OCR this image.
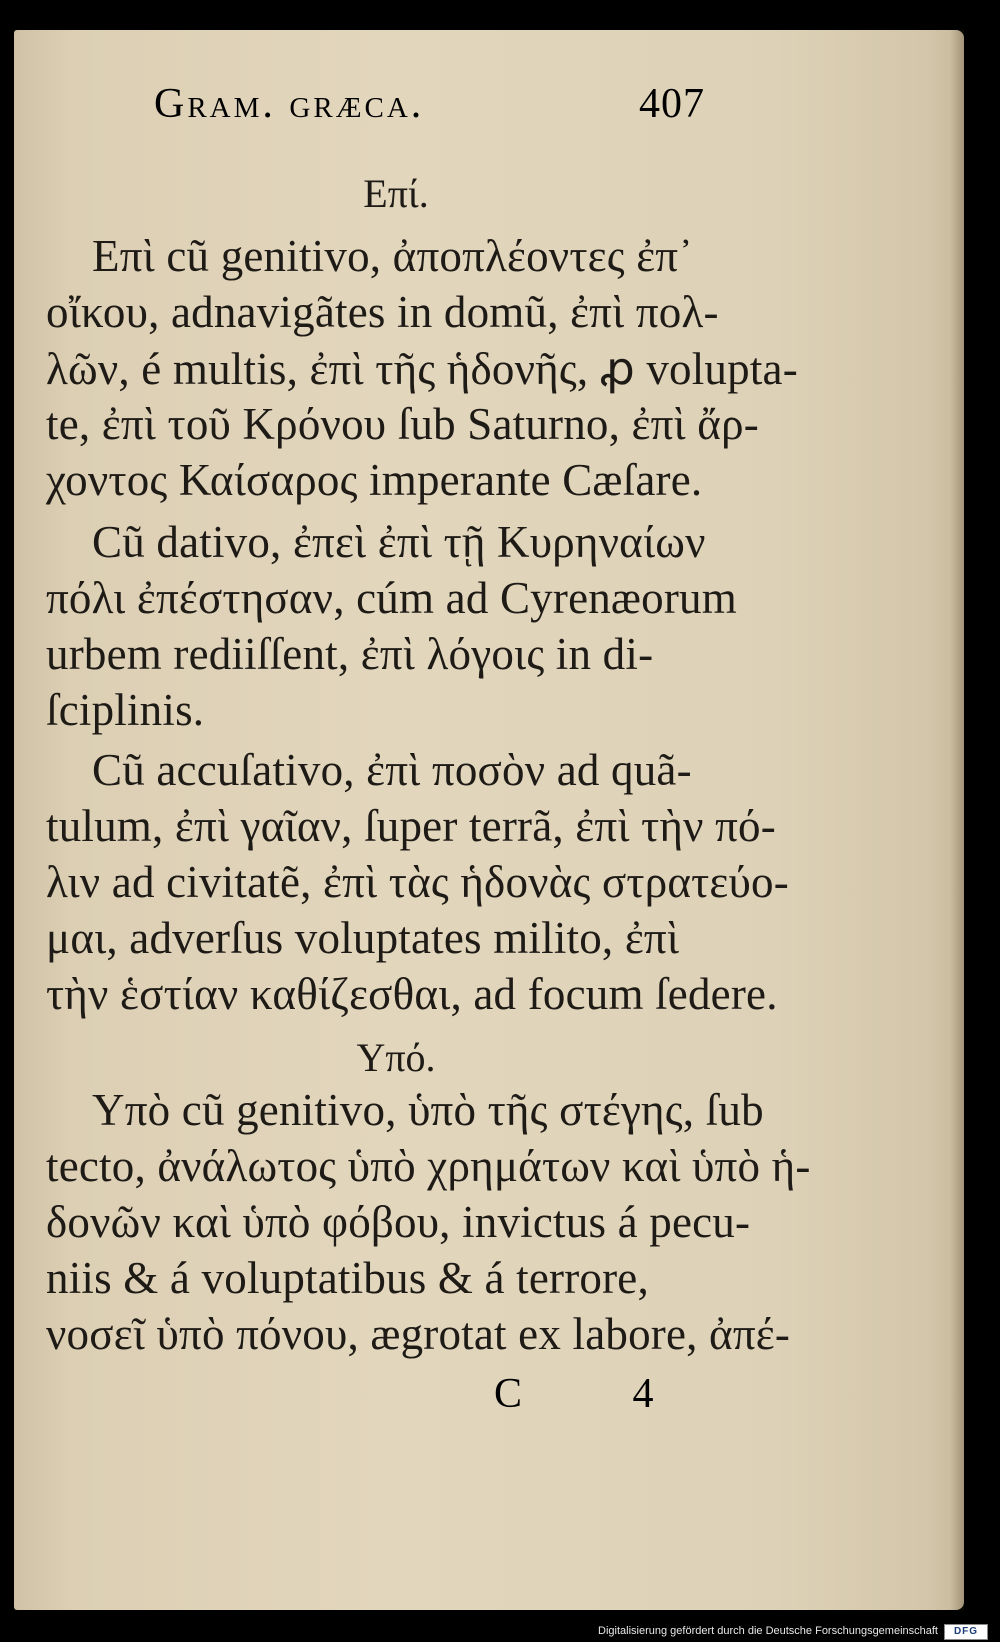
Gram. græca.	407
Eπί.
Eπὶ cũ genitivo, ἀποπλέοντες ἐπ᾽
οἴκου, adnavigãtes in domũ, ἐπὶ πολ-
λῶν, é multis, ἐπὶ τῆς ἡδονῆς, ꝓ volupta-
te, ἐπὶ τοῦ Κρόνου ſub Saturno, ἐπὶ ἄρ-
χοντος Καίσαρος imperante Cæſare.
Cũ dativo, ἐπεὶ ἐπὶ τῇ Κυρηναίων
πόλι ἐπέστησαν, cúm ad Cyrenæorum
urbem rediiſſent, ἐπὶ λόγοις in di-
ſciplinis.
Cũ accuſativo, ἐπὶ ποσὸν ad quã-
tulum, ἐπὶ γαῖαν, ſuper terrã, ἐπὶ τὴν πό-
λιν ad civitatẽ, ἐπὶ τὰς ἡδονὰς στρατεύο-
μαι, adverſus voluptates milito, ἐπὶ
τὴν ἑστίαν καθίζεσθαι, ad focum ſedere.
Υπό.
Υπὸ cũ genitivo, ὑπὸ τῆς στέγης, ſub
tecto, ἀνάλωτος ὑπὸ χρημάτων καὶ ὑπὸ ἡ-
δονῶν καὶ ὑπὸ φόβου, invictus á pecu-
niis & á voluptatibus & á terrore,
νοσεῖ ὑπὸ πόνου, ægrotat ex labore, ἀπέ-
C 4
Digitalisierung gefördert durch die Deutsche Forschungsgemeinschaft	DFG
